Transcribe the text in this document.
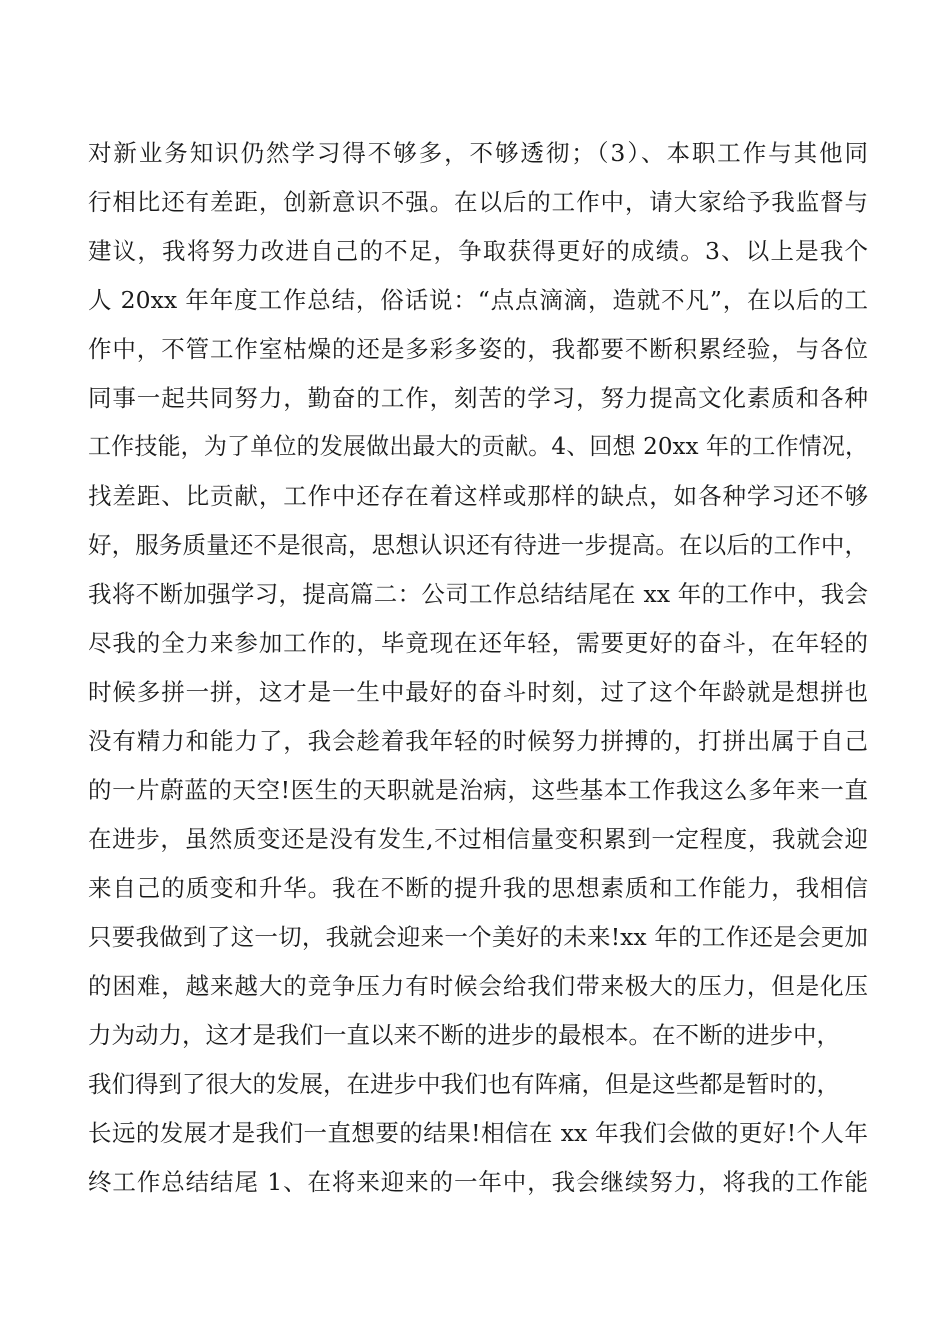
对新业务知识仍然学习得不够多，不够透彻；（3）、本职工作与其他同
行相比还有差距，创新意识不强。在以后的工作中，请大家给予我监督与
建议，我将努力改进自己的不足，争取获得更好的成绩。3、以上是我个
人 20xx 年年度工作总结，俗话说：“点点滴滴，造就不凡”，在以后的工
作中，不管工作室枯燥的还是多彩多姿的，我都要不断积累经验，与各位
同事一起共同努力，勤奋的工作，刻苦的学习，努力提高文化素质和各种
工作技能，为了单位的发展做出最大的贡献。4、回想 20xx 年的工作情况，
找差距、比贡献，工作中还存在着这样或那样的缺点，如各种学习还不够
好，服务质量还不是很高，思想认识还有待进一步提高。在以后的工作中，
我将不断加强学习，提高篇二：公司工作总结结尾在 xx 年的工作中，我会
尽我的全力来参加工作的，毕竟现在还年轻，需要更好的奋斗，在年轻的
时候多拼一拼，这才是一生中最好的奋斗时刻，过了这个年龄就是想拼也
没有精力和能力了，我会趁着我年轻的时候努力拼搏的，打拼出属于自己
的一片蔚蓝的天空!医生的天职就是治病，这些基本工作我这么多年来一直
在进步，虽然质变还是没有发生,不过相信量变积累到一定程度，我就会迎
来自己的质变和升华。我在不断的提升我的思想素质和工作能力，我相信
只要我做到了这一切，我就会迎来一个美好的未来!xx 年的工作还是会更加
的困难，越来越大的竞争压力有时候会给我们带来极大的压力，但是化压
力为动力，这才是我们一直以来不断的进步的最根本。在不断的进步中，
我们得到了很大的发展，在进步中我们也有阵痛，但是这些都是暂时的，
长远的发展才是我们一直想要的结果!相信在 xx 年我们会做的更好!个人年
终工作总结结尾 1、在将来迎来的一年中，我会继续努力，将我的工作能
